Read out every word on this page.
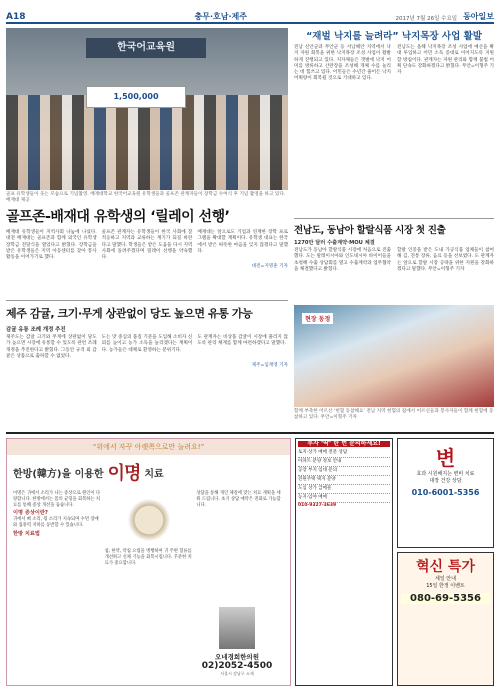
A18	충무·호남·제주	2017년 7월 26일 수요일 동아일보
한국어교육원
1,500,000
골프 유학생들이 웃는 모습으로 기념촬영. 배재대학교 한국어교육원 유학생들과 골프존 관계자들이 장학금 수여식 후 기념 촬영을 하고 있다. 배재대 제공
“재벌 낙지를 늘려라” 낙지목장 사업 활발
전남 신안군과 무안군 등 서남해안 지역에서 낙지 자원 회복을 위한 낙지목장 조성 사업이 활발하게 진행되고 있다. 지자체들은 갯벌에 낙지 어미를 방류하고 산란장을 조성해 개체 수를 늘리는 데 힘쓰고 있다. 어민들은 수년간 줄어든 낙지 어획량이 회복될 것으로 기대하고 있다.
전남도는 올해 낙지목장 조성 사업에 예산을 확대 투입하고 어민 소득 증대로 이어지도록 지원할 방침이다. 관계자는 자원 관리와 함께 불법 어획 단속도 강화하겠다고 밝혔다. 무안=이형주 기자
골프존-배재대 유학생의 ‘릴레이 선행’
배재대 유학생들이 지역사회 나눔에 나섰다. 대전 배재대는 골프존과 함께 외국인 유학생 장학금 전달식을 열었다고 밝혔다. 장학금을 받은 유학생들은 지역 아동센터를 찾아 봉사활동을 이어가기로 했다.
골프존 관계자는 유학생들이 한국 사회에 잘 적응하고 지역과 교류하는 계기가 되길 바란다고 말했다. 학생들은 받은 도움을 다시 지역 사회에 돌려주겠다며 릴레이 선행을 약속했다.
배재대는 앞으로도 기업과 연계한 장학 프로그램을 확대할 계획이다. 유학생 대표는 한국에서 받은 따뜻한 마음을 잊지 않겠다고 말했다.
대전=지명훈 기자
전남도, 동남아 할랄식품 시장 첫 진출
1270만 달러 수출계약·MOU 체결
전남도가 동남아 할랄식품 시장에 처음으로 진출했다. 도는 말레이시아와 인도네시아 바이어들을 초청해 수출 상담회를 열고 수출계약과 업무협약을 체결했다고 밝혔다.
할랄 인증을 받은 도내 가공식품 업체들이 참여해 김, 전통 장류, 음료 등을 선보였다. 도 관계자는 앞으로 할랄 시장 공략을 위한 지원을 강화하겠다고 말했다. 무안=이형주 기자
제주 감귤, 크기·무게 상관없이 당도 높으면 유통 가능
감귤 유통 조례 개정 추진
제주도는 감귤 크기와 무게에 상관없이 당도가 높으면 시장에 유통할 수 있도록 관련 조례 개정을 추진한다고 밝혔다. 그동안 규격 외 감귤은 상품으로 출하할 수 없었다.
도는 맛 중심의 품질 기준을 도입해 소비자 신뢰를 높이고 농가 소득을 늘리겠다는 계획이다. 농가들은 대체로 환영하는 분위기다.
도 관계자는 비상품 감귤이 시장에 풀리지 않도록 관리 체계를 함께 마련하겠다고 말했다.
제주=임재영 기자
현장 동정
함께 부축한 어르신 ‘헌혈 동참해요’ 전남 지역 헌혈의 집에서 어르신들과 봉사자들이 함께 헌혈에 동참하고 있다. 무안=이형주 기자
“위에서 자꾸 아랫쪽으로만 늘려요!”
한방(韓方)을 이용한 이명 치료
이명은 귀에서 소리가 나는 증상으로 원인이 다양합니다. 한방에서는 몸의 균형을 회복하는 치료를 통해 증상 개선을 돕습니다.
이명 증상이란?
귀에서 삐 소리, 윙 소리가 지속되며 수면 장애와 집중력 저하를 동반할 수 있습니다.
한방 치료법
침, 한약, 약침 요법을 병행하여 귀 주변 혈류를 개선하고 신체 기능을 회복시킵니다. 꾸준한 치료가 중요합니다.
상담을 통해 개인 체질에 맞는 치료 계획을 세워 드립니다. 초기 상담 예약은 전화로 가능합니다.
오네경희한의원
02)2052-4500
서울시 강남구 소재
투자 ‘딱’ 한 번 문의하세요!
토지·상가 매매 전문 상담
아파트 분양 정보 안내
공장 부지 임대 문의
전원주택 택지 분양
도심 상가 급매물
농지·임야 매매
010-9327-3639
변
효과 시원해지는 변비 치료
대장 건강 상담
010-6001-5356
혁신 특가
세일 안내
15일 한정 이벤트
080-69-5356
